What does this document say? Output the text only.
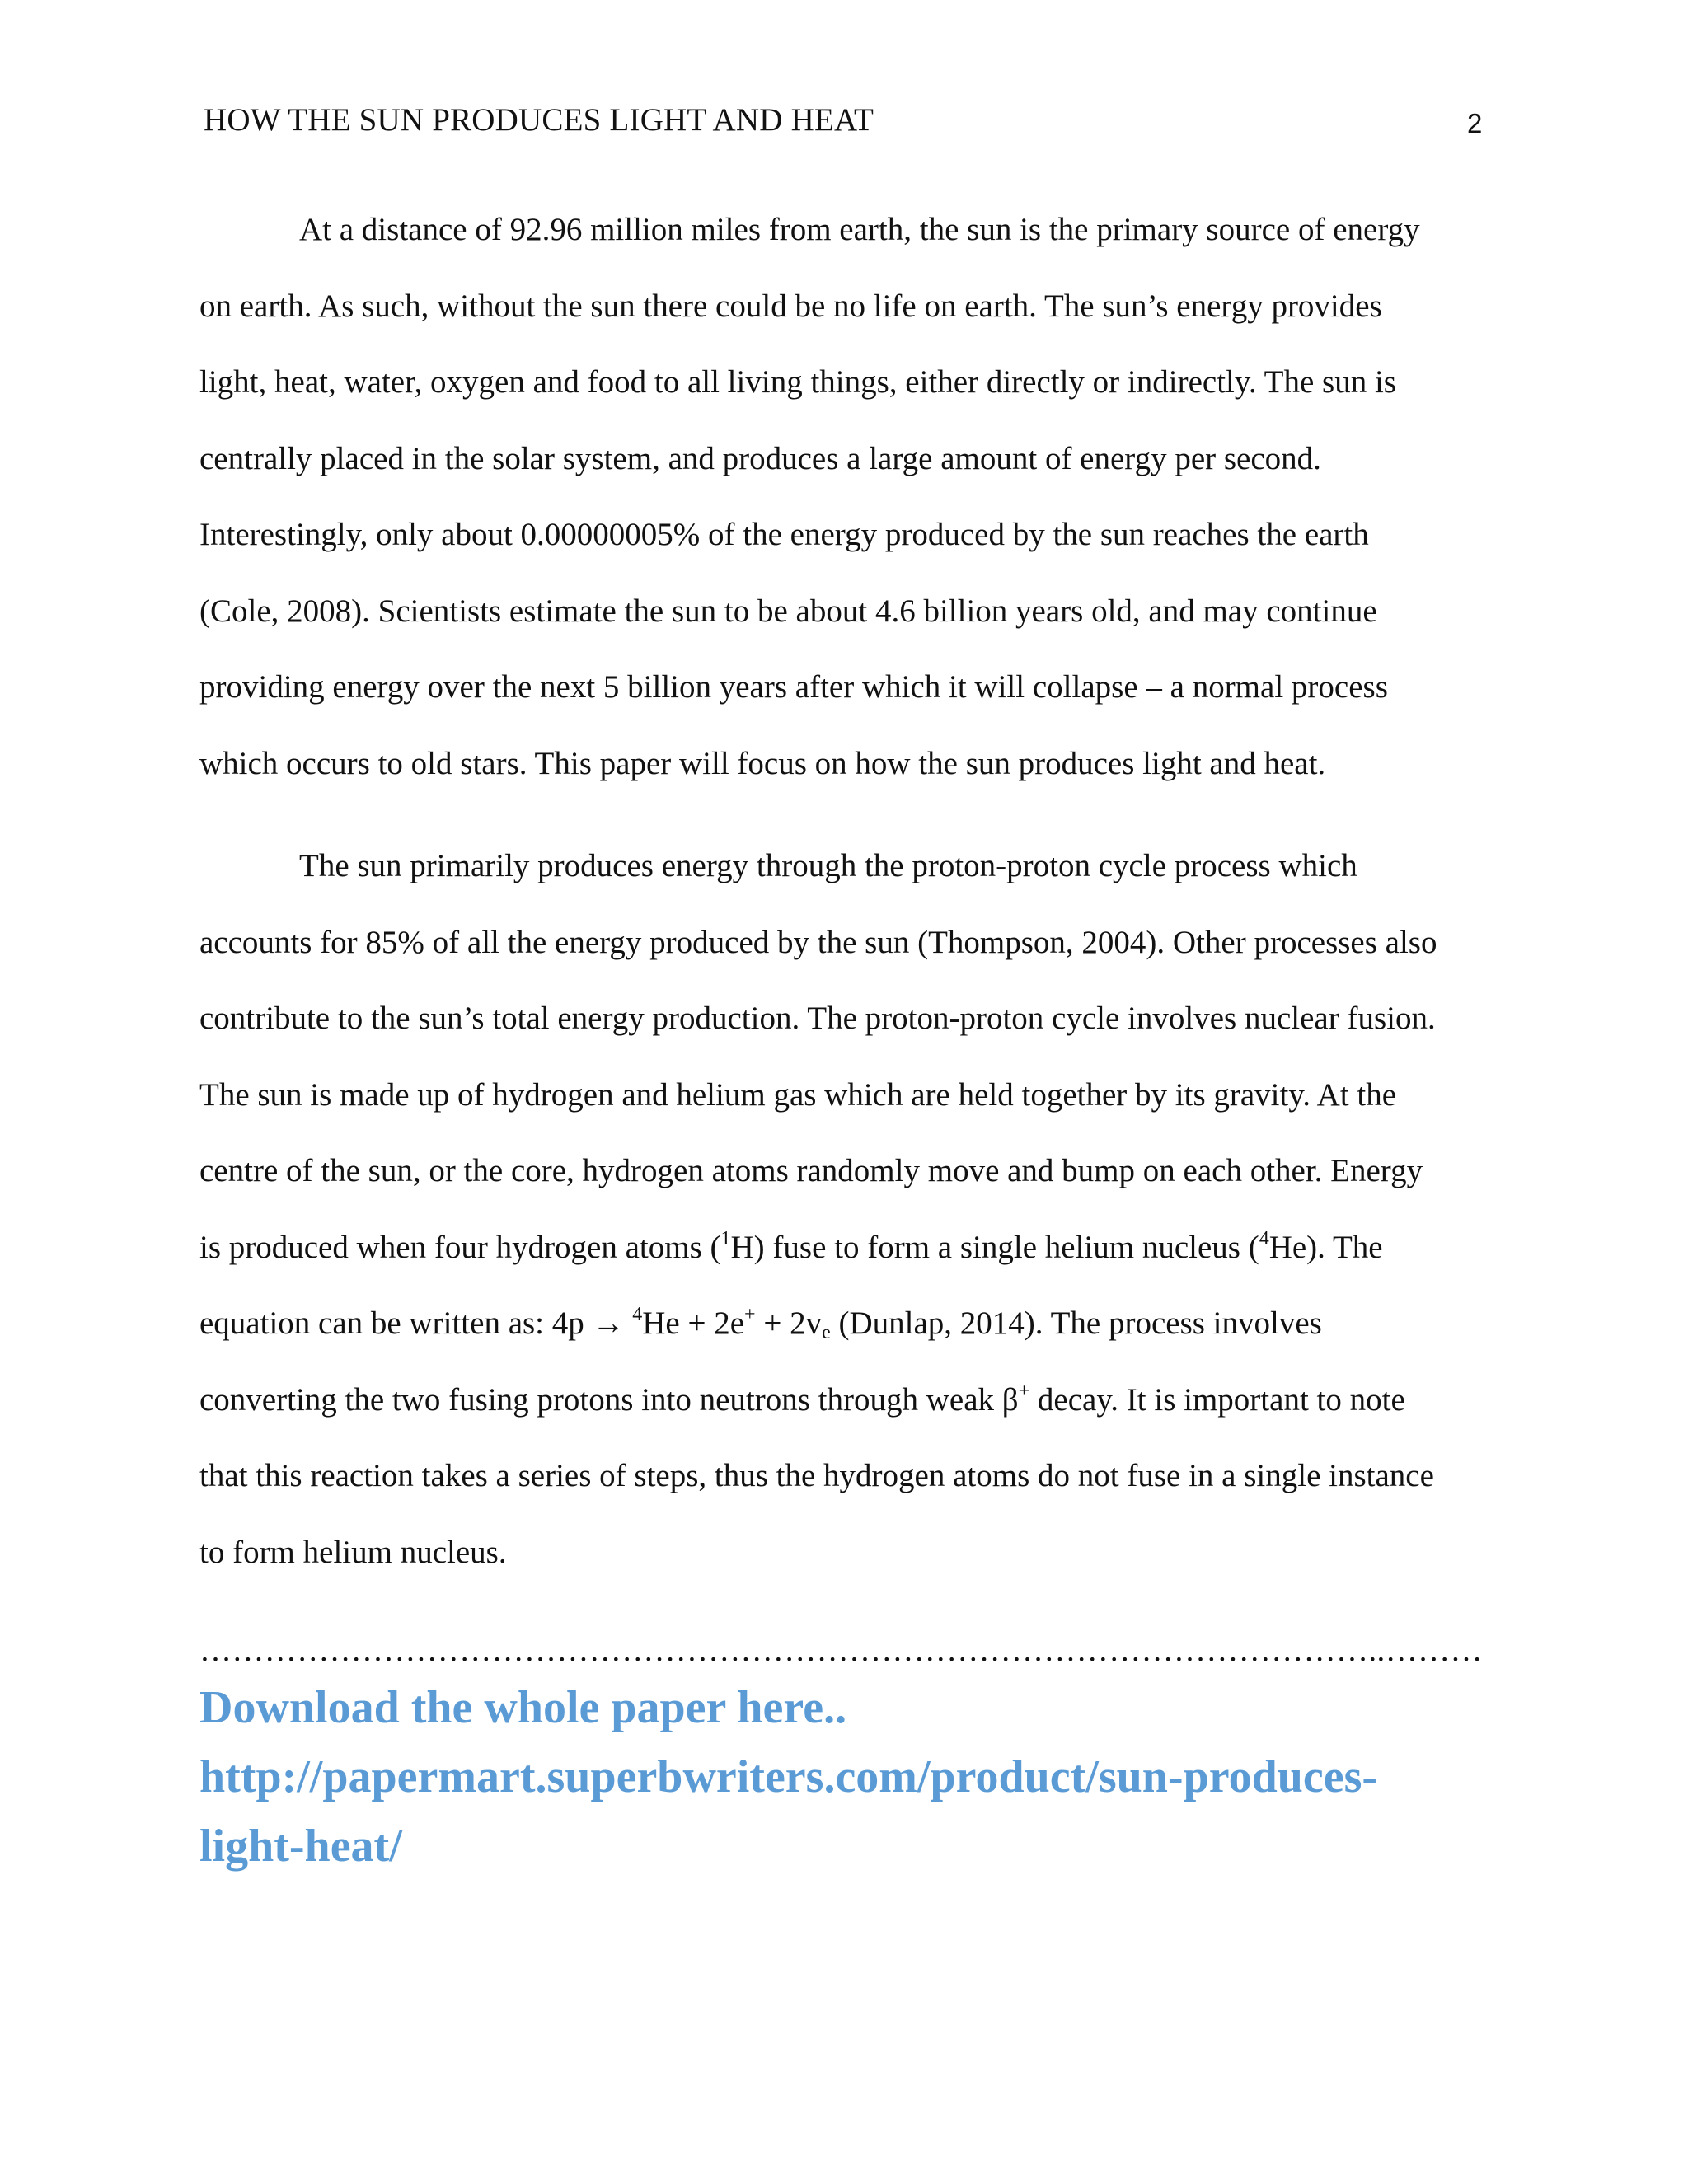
HOW THE SUN PRODUCES LIGHT AND HEAT	2
At a distance of 92.96 million miles from earth, the sun is the primary source of energy
on earth. As such, without the sun there could be no life on earth. The sun’s energy provides
light, heat, water, oxygen and food to all living things, either directly or indirectly. The sun is
centrally placed in the solar system, and produces a large amount of energy per second.
Interestingly, only about 0.00000005% of the energy produced by the sun reaches the earth
(Cole, 2008). Scientists estimate the sun to be about 4.6 billion years old, and may continue
providing energy over the next 5 billion years after which it will collapse – a normal process
which occurs to old stars. This paper will focus on how the sun produces light and heat.
The sun primarily produces energy through the proton-proton cycle process which
accounts for 85% of all the energy produced by the sun (Thompson, 2004). Other processes also
contribute to the sun’s total energy production. The proton-proton cycle involves nuclear fusion.
The sun is made up of hydrogen and helium gas which are held together by its gravity. At the
centre of the sun, or the core, hydrogen atoms randomly move and bump on each other. Energy
is produced when four hydrogen atoms ($^1$H) fuse to form a single helium nucleus ($^4$He). The
equation can be written as: $4p \to ^4He + 2e^+ + 2v_e$ (Dunlap, 2014). The process involves
converting the two fusing protons into neutrons through weak β+ decay. It is important to note
that this reaction takes a series of steps, thus the hydrogen atoms do not fuse in a single instance
to form helium nucleus.
………………………………………………………………………………………………..………
Download the whole paper here..
http://papermart.superbwriters.com/product/sun-produces-
light-heat/
